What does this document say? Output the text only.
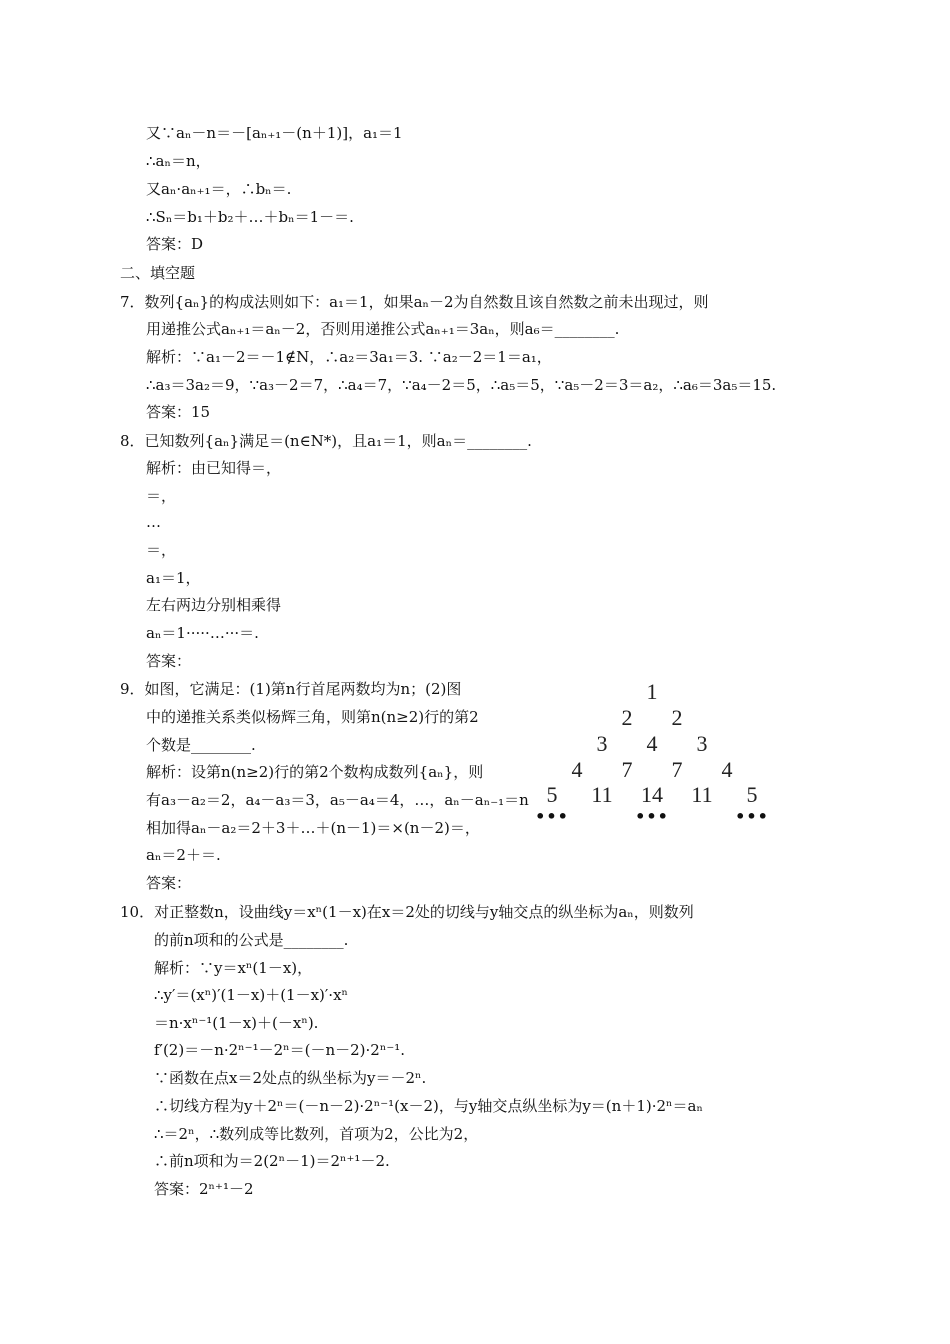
又∵aₙ－n＝－[aₙ₊₁－(n＋1)]，a₁＝1
∴aₙ＝n，
又aₙ·aₙ₊₁＝，∴bₙ＝.
∴Sₙ＝b₁＋b₂＋…＋bₙ＝1－＝.
答案：D
二、填空题
7．数列{aₙ}的构成法则如下：a₁＝1，如果aₙ－2为自然数且该自然数之前未出现过，则
用递推公式aₙ₊₁＝aₙ－2，否则用递推公式aₙ₊₁＝3aₙ，则a₆＝________.
解析：∵a₁－2＝－1∉N，∴a₂＝3a₁＝3. ∵a₂－2＝1＝a₁，
∴a₃＝3a₂＝9，∵a₃－2＝7，∴a₄＝7，∵a₄－2＝5，∴a₅＝5，∵a₅－2＝3＝a₂，∴a₆＝3a₅＝15.
答案：15
8．已知数列{aₙ}满足＝(n∈N*)，且a₁＝1，则aₙ＝________.
解析：由已知得＝，
＝，
…
＝，
a₁＝1，
左右两边分别相乘得
aₙ＝1·····…···＝.
答案：
9．如图，它满足：(1)第n行首尾两数均为n；(2)图
中的递推关系类似杨辉三角，则第n(n≥2)行的第2
个数是________.
解析：设第n(n≥2)行的第2个数构成数列{aₙ}，则
有a₃－a₂＝2，a₄－a₃＝3，a₅－a₄＝4，…，aₙ－aₙ₋₁＝n
相加得aₙ－a₂＝2＋3＋…＋(n－1)＝×(n－2)＝，
aₙ＝2＋＝.
答案：
10．对正整数n，设曲线y＝xⁿ(1－x)在x＝2处的切线与y轴交点的纵坐标为aₙ，则数列
的前n项和的公式是________.
解析：∵y＝xⁿ(1－x)，
∴y′＝(xⁿ)′(1－x)＋(1－x)′·xⁿ
＝n·xⁿ⁻¹(1－x)＋(－xⁿ).
f′(2)＝－n·2ⁿ⁻¹－2ⁿ＝(－n－2)·2ⁿ⁻¹.
∵函数在点x＝2处点的纵坐标为y＝－2ⁿ.
∴切线方程为y＋2ⁿ＝(－n－2)·2ⁿ⁻¹(x－2)，与y轴交点纵坐标为y＝(n＋1)·2ⁿ＝aₙ
∴＝2ⁿ，∴数列成等比数列，首项为2，公比为2，
∴前n项和为＝2(2ⁿ－1)＝2ⁿ⁺¹－2.
答案：2ⁿ⁺¹－2
1
2	2
3	4	3
4	7	7	4
5	11	14	11	5
•••	•••	•••
